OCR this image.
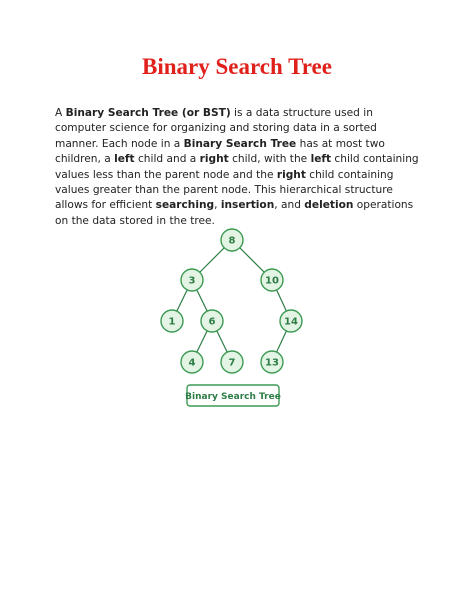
Binary Search Tree

A Binary Search Tree (or BST) is a data structure used in computer science for organizing and storing data in a sorted manner. Each node in a Binary Search Tree has at most two children, a left child and a right child, with the left child containing values less than the parent node and the right child containing values greater than the parent node. This hierarchical structure allows for efficient searching, insertion, and deletion operations on the data stored in the tree.

8
3	10
1	6	14
4	7	13
Binary Search Tree
